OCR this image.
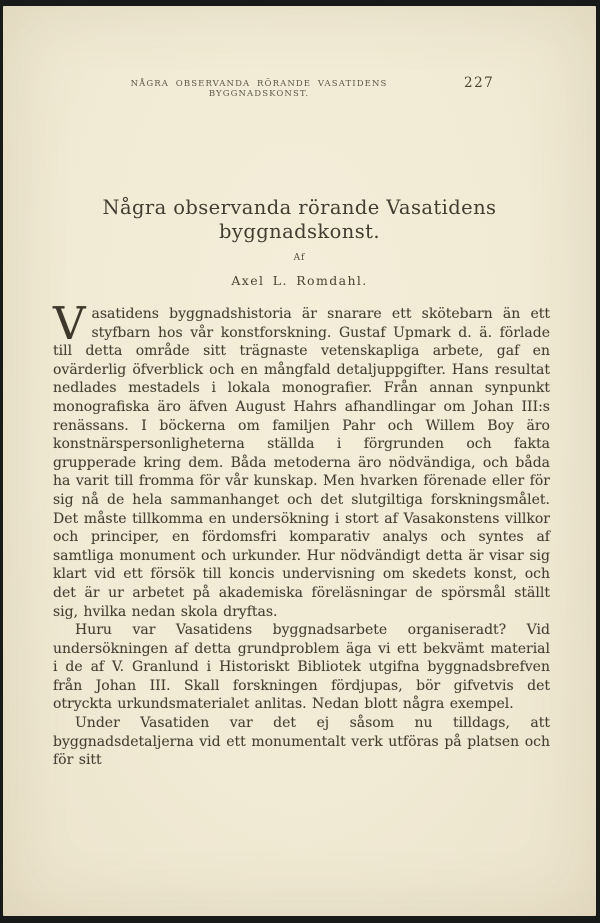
NÅGRA OBSERVANDA RÖRANDE VASATIDENS BYGGNADSKONST.
227
Några observanda rörande Vasatidens
byggnadskonst.
Af
Axel L. Romdahl.

Vasatidens byggnadshistoria är snarare ett skötebarn än ett styfbarn hos vår konstforskning. Gustaf Upmark d. ä. förlade till detta område sitt trägnaste vetenskapliga arbete, gaf en ovärderlig öfverblick och en mångfald detaljuppgifter. Hans resultat nedlades mestadels i lokala monografier. Från annan synpunkt monografiska äro äfven August Hahrs afhandlingar om Johan III:s renässans. I böckerna om familjen Pahr och Willem Boy äro konstnärspersonligheterna ställda i förgrunden och fakta grupperade kring dem. Båda metoderna äro nödvändiga, och båda ha varit till fromma för vår kunskap. Men hvarken förenade eller för sig nå de hela sammanhanget och det slutgiltiga forskningsmålet. Det måste tillkomma en undersökning i stort af Vasakonstens villkor och principer, en fördomsfri komparativ analys och syntes af samtliga monument och urkunder. Hur nödvändigt detta är visar sig klart vid ett försök till koncis undervisning om skedets konst, och det är ur arbetet på akademiska föreläsningar de spörsmål ställt sig, hvilka nedan skola dryftas.

Huru var Vasatidens byggnadsarbete organiseradt? Vid undersökningen af detta grundproblem äga vi ett bekvämt material i de af V. Granlund i Historiskt Bibliotek utgifna byggnadsbrefven från Johan III. Skall forskningen fördjupas, bör gifvetvis det otryckta urkundsmaterialet anlitas. Nedan blott några exempel.

Under Vasatiden var det ej såsom nu tilldags, att byggnadsdetaljerna vid ett monumentalt verk utföras på platsen och för sitt
